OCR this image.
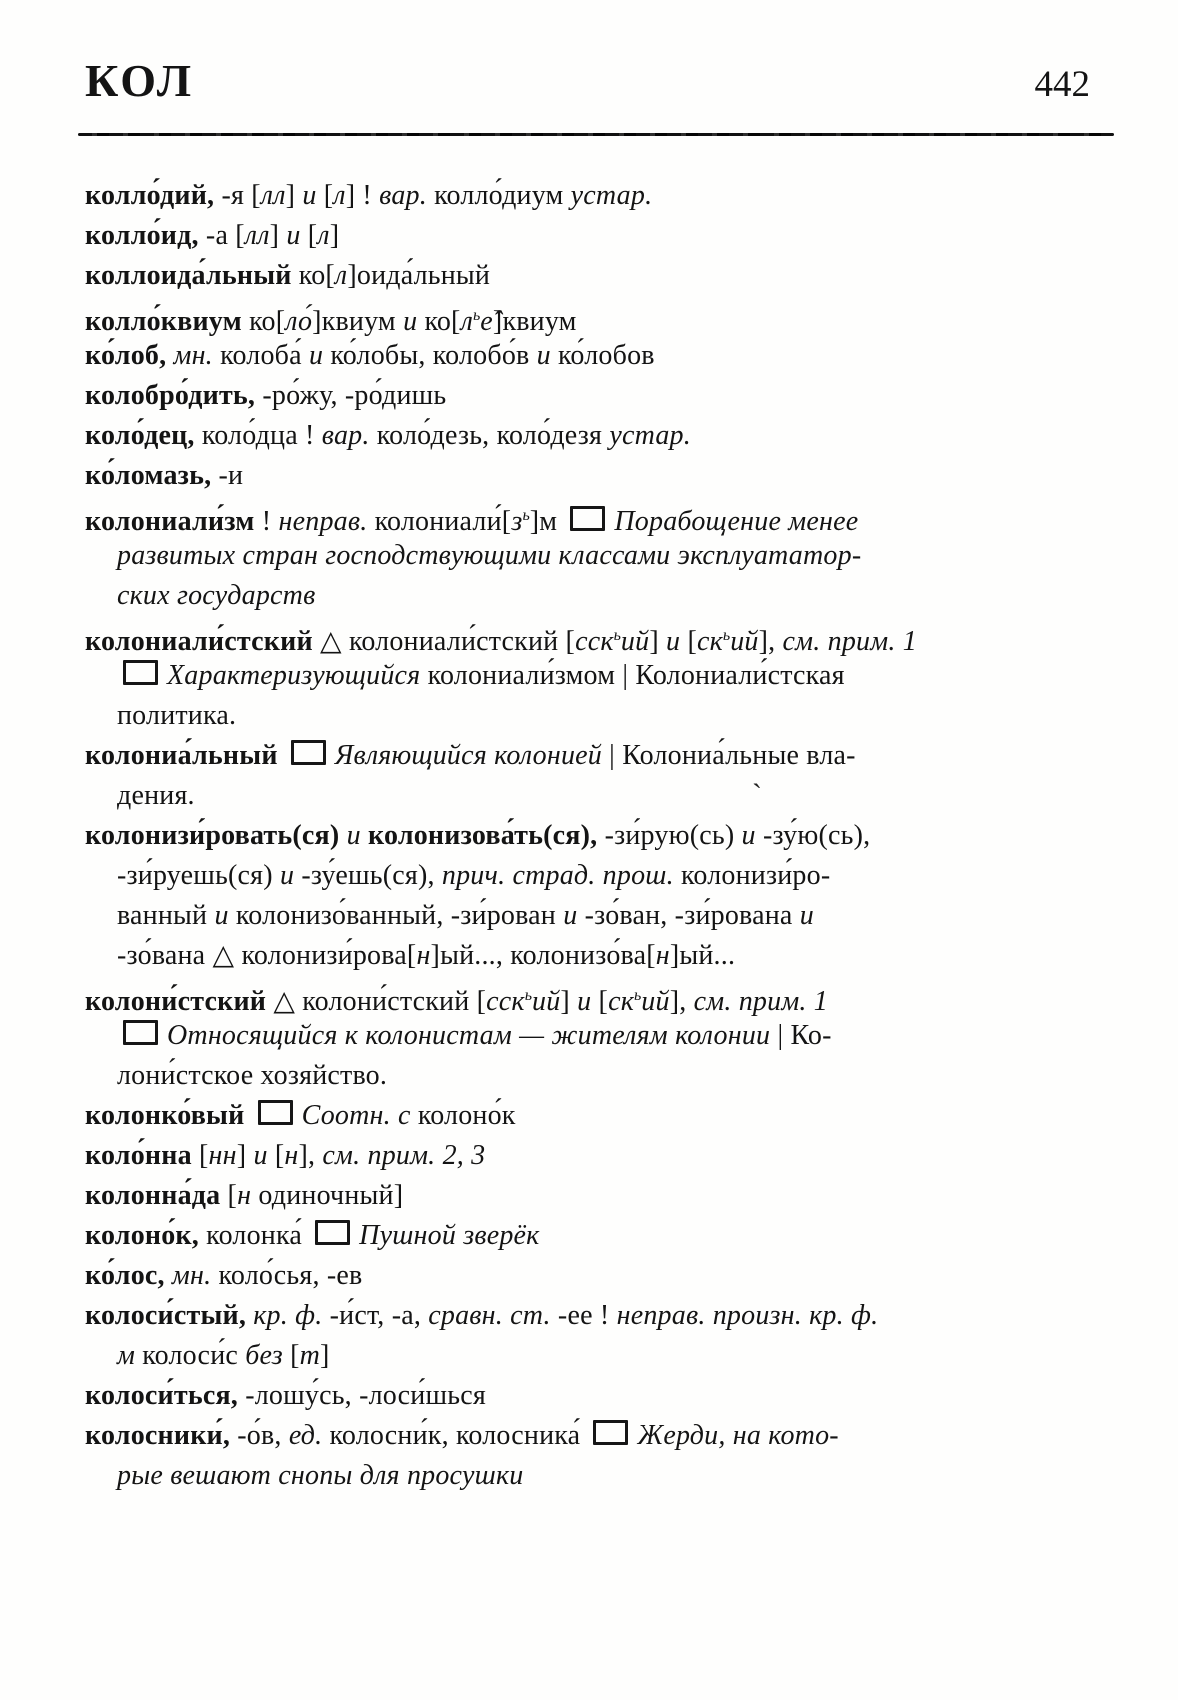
КОЛ	442
колло́дий, -я [лл] и [л] ! вар. колло́диум устар.
колло́ид, -а [лл] и [л]
коллоида́льный ко[л]оида́льный
колло́квиум ко[ло́]квиум и $ко[л^ье̂]квиум$
ко́лоб, мн. колоба́ и ко́лобы, колобо́в и ко́лобов
колобро́дить, -ро́жу, -ро́дишь
коло́дец, коло́дца ! вар. коло́дезь, коло́дезя устар.
ко́ломазь, -и
колониали́зм ! неправ. $колониали́[з^ь]м$ Порабощение менее
развитых стран господствующими классами эксплуататор-
ских государств
колониали́стский △ колониали́стский [сск$^ь$ий] и $[ск^ьий]$, см. прим. 1
Характеризующийся колониали́змом | Колониали́стская
политика.
колониа́льный Являющийся колонией | Колониа́льные вла-
дения.
колонизи́ровать(ся) и колонизова́ть(ся), -зи́рую(сь) и -зу́ю(сь),
-зи́руешь(ся) и -зу́ешь(ся), прич. страд. прош. колонизи́ро-
ванный и колонизо́ванный, -зи́рован и -зо́ван, -зи́рована и
-зо́вана △ колонизи́рова[н]ый..., колонизо́ва[н]ый...
колони́стский △ колони́стский [сск$^ь$ий] и $[ск^ьий]$, см. прим. 1
Относящийся к колонистам — жителям колонии | Ко-
лони́стское хозяйство.
колонко́вый Соотн. с колоно́к
коло́нна [нн] и [н], см. прим. 2, 3
колонна́да [н одиночный]
колоно́к, колонка́ Пушной зверёк
ко́лос, мн. коло́сья, -ев
колоси́стый, кр. ф. -и́ст, -а, сравн. ст. -ее ! неправ. произн. кр. ф.
м колоси́с без [т]
колоси́ться, -лошу́сь, -лоси́шься
колосники́, -о́в, ед. колосни́к, колосника́ Жерди, на кото-
рые вешают снопы для просушки
`
